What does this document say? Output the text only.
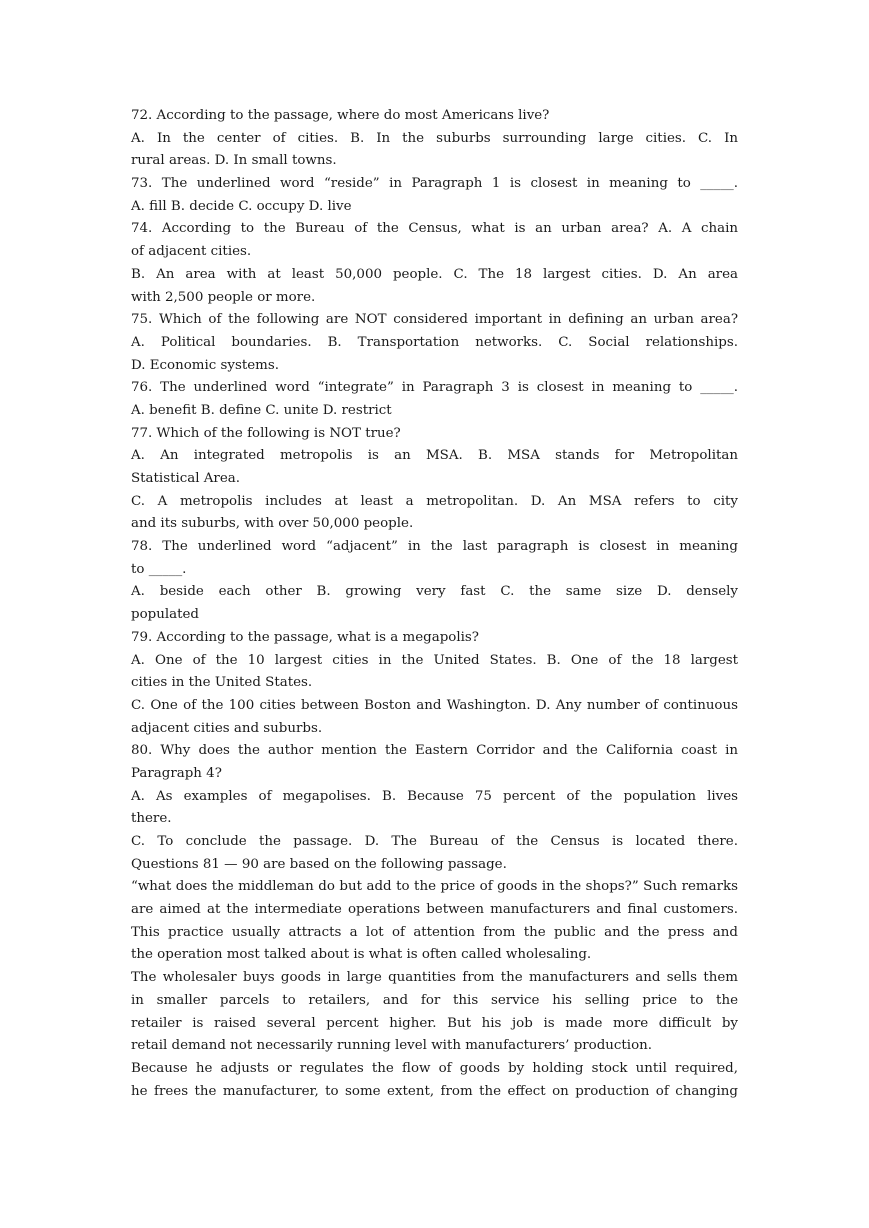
72. According to the passage, where do most Americans live?
A. In the center of cities. B. In the suburbs surrounding large cities. C. In
rural areas. D. In small towns.
73. The underlined word “reside” in Paragraph 1 is closest in meaning to _____.
A. fill B. decide C. occupy D. live
74. According to the Bureau of the Census, what is an urban area? A. A chain
of adjacent cities.
B. An area with at least 50,000 people. C. The 18 largest cities. D. An area
with 2,500 people or more.
75. Which of the following are NOT considered important in defining an urban area?
A. Political boundaries. B. Transportation networks. C. Social relationships.
D. Economic systems.
76. The underlined word “integrate” in Paragraph 3 is closest in meaning to _____.
A. benefit B. define C. unite D. restrict
77. Which of the following is NOT true?
A. An integrated metropolis is an MSA. B. MSA stands for Metropolitan
Statistical Area.
C. A metropolis includes at least a metropolitan. D. An MSA refers to city
and its suburbs, with over 50,000 people.
78. The underlined word “adjacent” in the last paragraph is closest in meaning
to _____.
A. beside each other B. growing very fast C. the same size D. densely
populated
79. According to the passage, what is a megapolis?
A. One of the 10 largest cities in the United States. B. One of the 18 largest
cities in the United States.
C. One of the 100 cities between Boston and Washington. D. Any number of continuous
adjacent cities and suburbs.
80. Why does the author mention the Eastern Corridor and the California coast in
Paragraph 4?
A. As examples of megapolises. B. Because 75 percent of the population lives
there.
C. To conclude the passage. D. The Bureau of the Census is located there.
Questions 81 — 90 are based on the following passage.
“what does the middleman do but add to the price of goods in the shops?” Such remarks
are aimed at the intermediate operations between manufacturers and final customers.
This practice usually attracts a lot of attention from the public and the press and
the operation most talked about is what is often called wholesaling.
The wholesaler buys goods in large quantities from the manufacturers and sells them
in smaller parcels to retailers, and for this service his selling price to the
retailer is raised several percent higher. But his job is made more difficult by
retail demand not necessarily running level with manufacturers’ production.
Because he adjusts or regulates the flow of goods by holding stock until required,
he frees the manufacturer, to some extent, from the effect on production of changing
